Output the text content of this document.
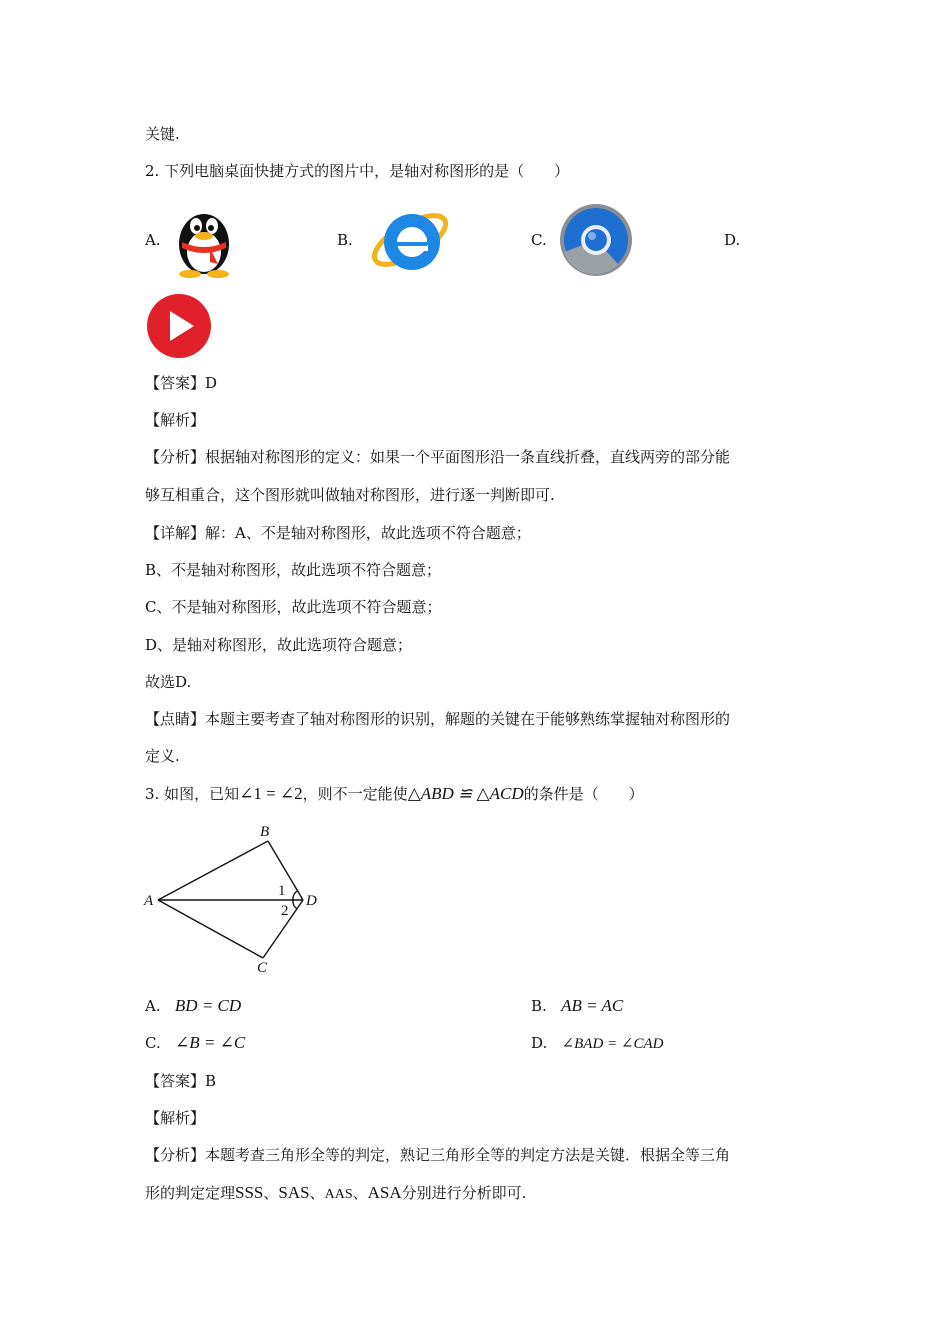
关键.
2. 下列电脑桌面快捷方式的图片中，是轴对称图形的是（　　）
A.	B.	C.	D.
【答案】D
【解析】
【分析】根据轴对称图形的定义：如果一个平面图形沿一条直线折叠，直线两旁的部分能
够互相重合，这个图形就叫做轴对称图形，进行逐一判断即可.
【详解】解：A、不是轴对称图形，故此选项不符合题意；
B、不是轴对称图形，故此选项不符合题意；
C、不是轴对称图形，故此选项不符合题意；
D、是轴对称图形，故此选项符合题意；
故选D.
【点睛】本题主要考查了轴对称图形的识别，解题的关键在于能够熟练掌握轴对称图形的
定义.
3. 如图，已知∠1 = ∠2，则不一定能使△ABD ≌ △ACD的条件是（　　）
B
A	D
C
1
2
A. BD = CD	B. AB = AC
C. ∠B = ∠C	D. ∠BAD = ∠CAD
【答案】B
【解析】
【分析】本题考查三角形全等的判定，熟记三角形全等的判定方法是关键．根据全等三角
形的判定定理SSS、SAS、AAS、ASA分别进行分析即可.
